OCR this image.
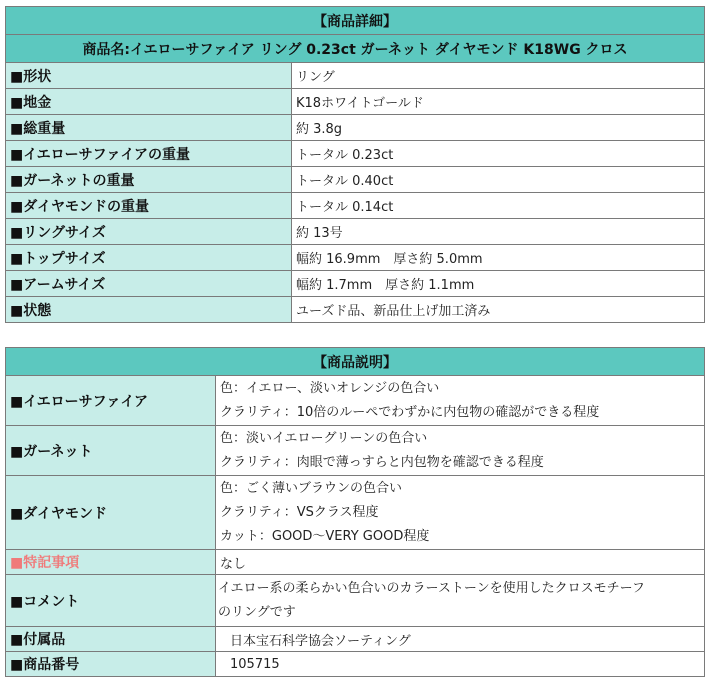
【商品詳細】	
商品名:イエローサファイア リング 0.23ct ガーネット ダイヤモンド K18WG クロス	
■形状	リング
■地金	K18ホワイトゴールド
■総重量	約 3.8g
■イエローサファイアの重量	トータル 0.23ct
■ガーネットの重量	トータル 0.40ct
■ダイヤモンドの重量	トータル 0.14ct
■リングサイズ	約 13号
■トップサイズ	幅約 16.9mm　厚さ約 5.0mm
■アームサイズ	幅約 1.7mm　厚さ約 1.1mm
■状態	ユーズド品、新品仕上げ加工済み
【商品説明】	
■イエローサファイア	色：イエロー、淡いオレンジの色合い
クラリティ：10倍のルーペでわずかに内包物の確認ができる程度

■ガーネット	色：淡いイエローグリーンの色合い
クラリティ：肉眼で薄っすらと内包物を確認できる程度

■ダイヤモンド	色：ごく薄いブラウンの色合い
クラリティ：VSクラス程度
カット：GOOD～VERY GOOD程度

■特記事項	なし
■コメント	イエロー系の柔らかい色合いのカラーストーンを使用したクロスモチーフ
のリングです

■付属品	日本宝石科学協会ソーティング
■商品番号	105715
